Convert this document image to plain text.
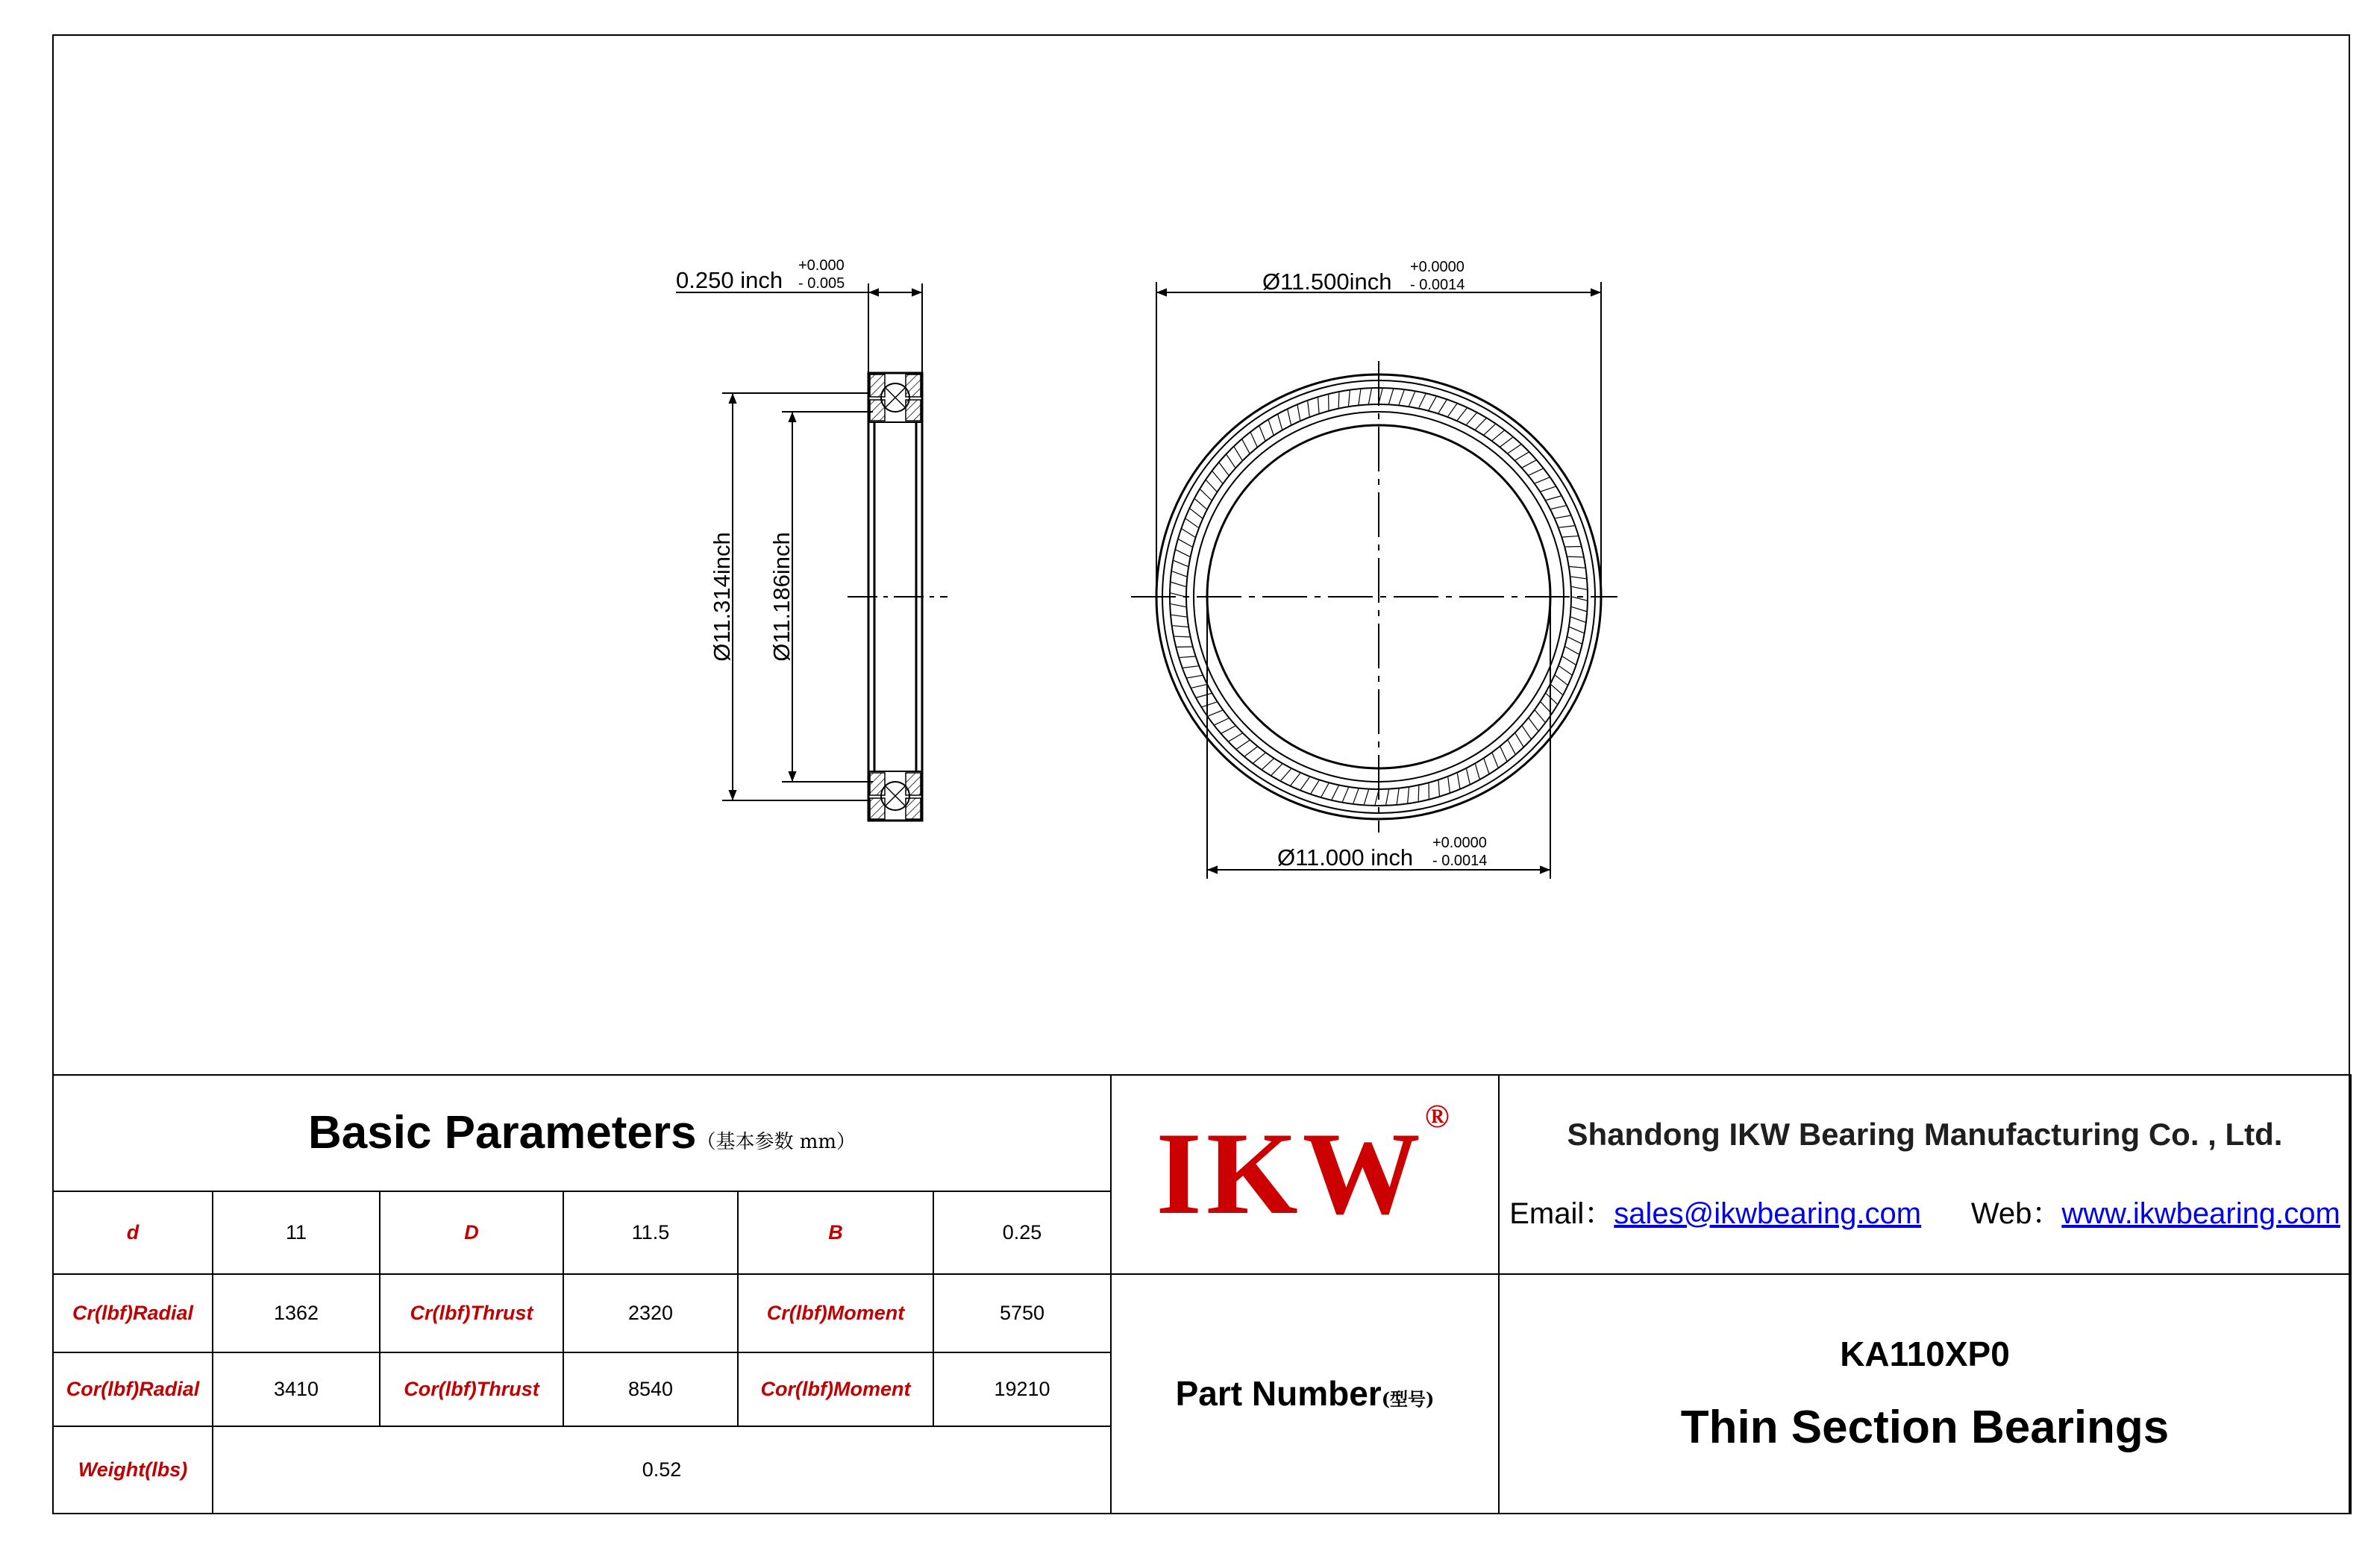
0.250 inch
+0.000
- 0.005
Ø11.314inch Ø11.186inch
Ø11.500inch
+0.0000
- 0.0014
Ø11.000 inch
+0.0000
- 0.0014
Basic Parameters（基本参数 mm）						IKW®	Shandong IKW Bearing Manufacturing Co. , Ltd.
Email：sales@ikwbearing.com Web：www.ikwbearing.com

d	11	D	11.5	B	0.25		
Cr(lbf)Radial	1362	Cr(lbf)Thrust	2320	Cr(lbf)Moment	5750	Part Number(型号)	KA110XP0
Thin Section Bearings

Cor(lbf)Radial	3410	Cor(lbf)Thrust	8540	Cor(lbf)Moment	19210		
Weight(lbs)	0.52						
